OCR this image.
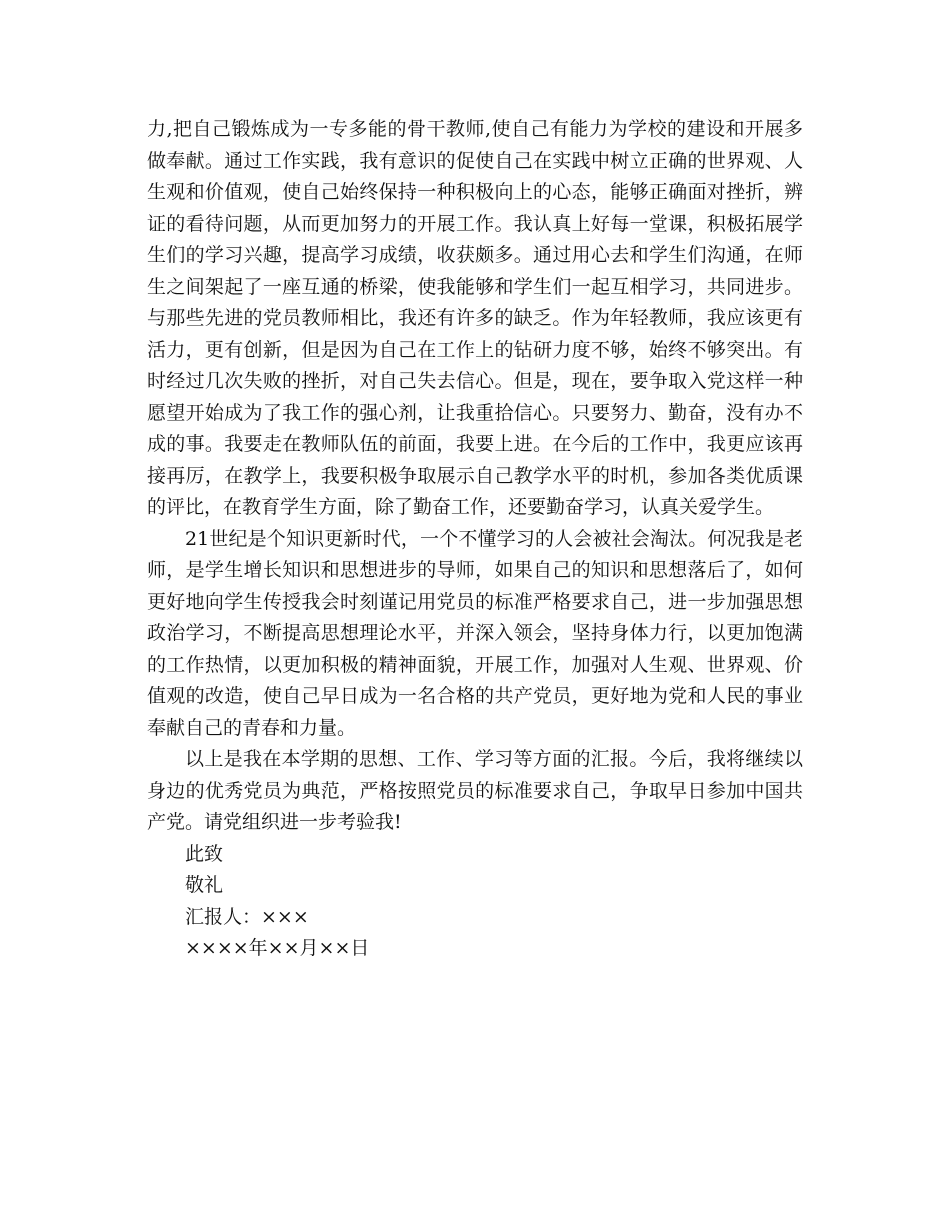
力,把自己锻炼成为一专多能的骨干教师,使自己有能力为学校的建设和开展多做奉献。通过工作实践，我有意识的促使自己在实践中树立正确的世界观、人生观和价值观，使自己始终保持一种积极向上的心态，能够正确面对挫折，辨证的看待问题，从而更加努力的开展工作。我认真上好每一堂课，积极拓展学生们的学习兴趣，提高学习成绩，收获颇多。通过用心去和学生们沟通，在师生之间架起了一座互通的桥梁，使我能够和学生们一起互相学习，共同进步。 与那些先进的党员教师相比，我还有许多的缺乏。作为年轻教师，我应该更有活力，更有创新，但是因为自己在工作上的钻研力度不够，始终不够突出。有时经过几次失败的挫折，对自己失去信心。但是，现在，要争取入党这样一种愿望开始成为了我工作的强心剂，让我重拾信心。只要努力、勤奋，没有办不成的事。我要走在教师队伍的前面，我要上进。在今后的工作中，我更应该再接再厉，在教学上，我要积极争取展示自己教学水平的时机，参加各类优质课的评比，在教育学生方面，除了勤奋工作，还要勤奋学习，认真关爱学生。

21世纪是个知识更新时代，一个不懂学习的人会被社会淘汰。何况我是老师，是学生增长知识和思想进步的导师，如果自己的知识和思想落后了，如何更好地向学生传授我会时刻谨记用党员的标准严格要求自己，进一步加强思想政治学习，不断提高思想理论水平，并深入领会，坚持身体力行，以更加饱满的工作热情，以更加积极的精神面貌，开展工作，加强对人生观、世界观、价值观的改造，使自己早日成为一名合格的共产党员，更好地为党和人民的事业奉献自己的青春和力量。

以上是我在本学期的思想、工作、学习等方面的汇报。今后，我将继续以身边的优秀党员为典范，严格按照党员的标准要求自己，争取早日参加中国共产党。请党组织进一步考验我!

此致

敬礼

汇报人：×××

××××年××月××日
